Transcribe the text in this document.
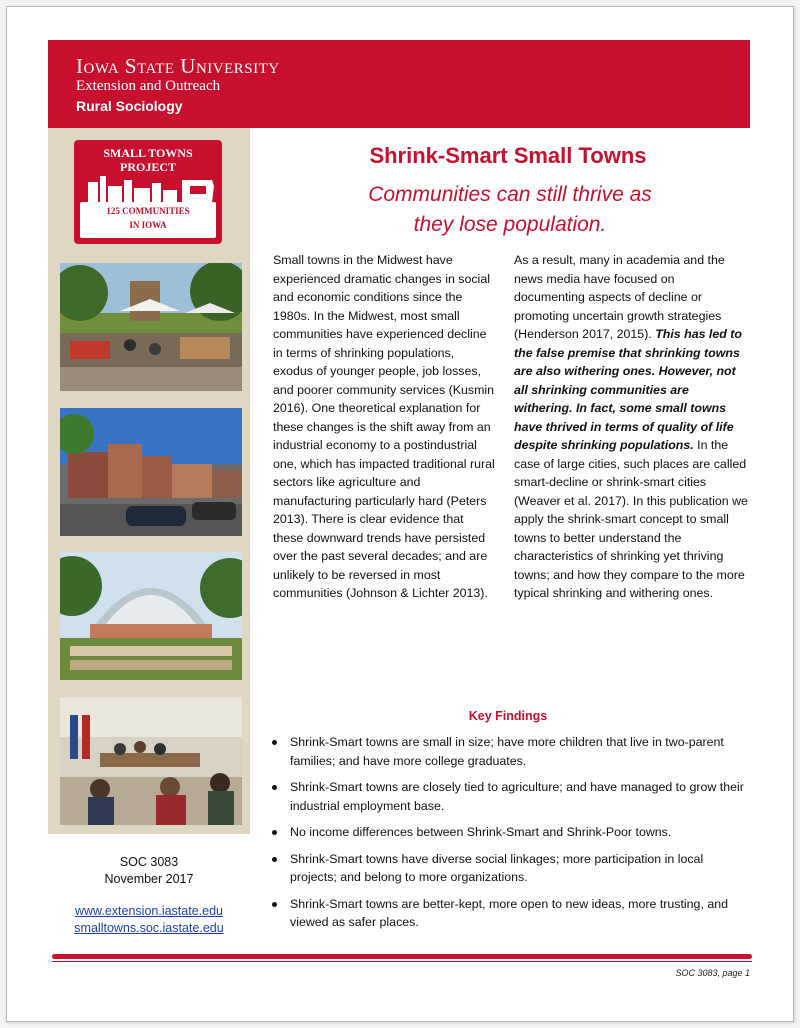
Iowa State University
Extension and Outreach
Rural Sociology
SMALL TOWNS
PROJECT
125 COMMUNITIES
IN IOWA
SOC 3083
November 2017
www.extension.iastate.edu
smalltowns.soc.iastate.edu
Shrink-Smart Small Towns
Communities can still thrive as
they lose population.
Small towns in the Midwest have experienced dramatic changes in social and economic conditions since the 1980s. In the Midwest, most small communities have experienced decline in terms of shrinking populations, exodus of younger people, job losses, and poorer community services (Kusmin 2016). One theoretical explanation for these changes is the shift away from an industrial economy to a postindustrial one, which has impacted traditional rural sectors like agriculture and manufacturing particularly hard (Peters 2013). There is clear evidence that these downward trends have persisted over the past several decades; and are unlikely to be reversed in most communities (Johnson & Lichter 2013).
As a result, many in academia and the news media have focused on documenting aspects of decline or promoting uncertain growth strategies (Henderson 2017, 2015). This has led to the false premise that shrinking towns are also withering ones. However, not all shrinking communities are withering. In fact, some small towns have thrived in terms of quality of life despite shrinking populations. In the case of large cities, such places are called smart-decline or shrink-smart cities (Weaver et al. 2017). In this publication we apply the shrink-smart concept to small towns to better understand the characteristics of shrinking yet thriving towns; and how they compare to the more typical shrinking and withering ones.
Key Findings
Shrink-Smart towns are small in size; have more children that live in two-parent families; and have more college graduates.
Shrink-Smart towns are closely tied to agriculture; and have managed to grow their industrial employment base.
No income differences between Shrink-Smart and Shrink-Poor towns.
Shrink-Smart towns have diverse social linkages; more participation in local projects; and belong to more organizations.
Shrink-Smart towns are better-kept, more open to new ideas, more trusting, and viewed as safer places.
SOC 3083, page 1
